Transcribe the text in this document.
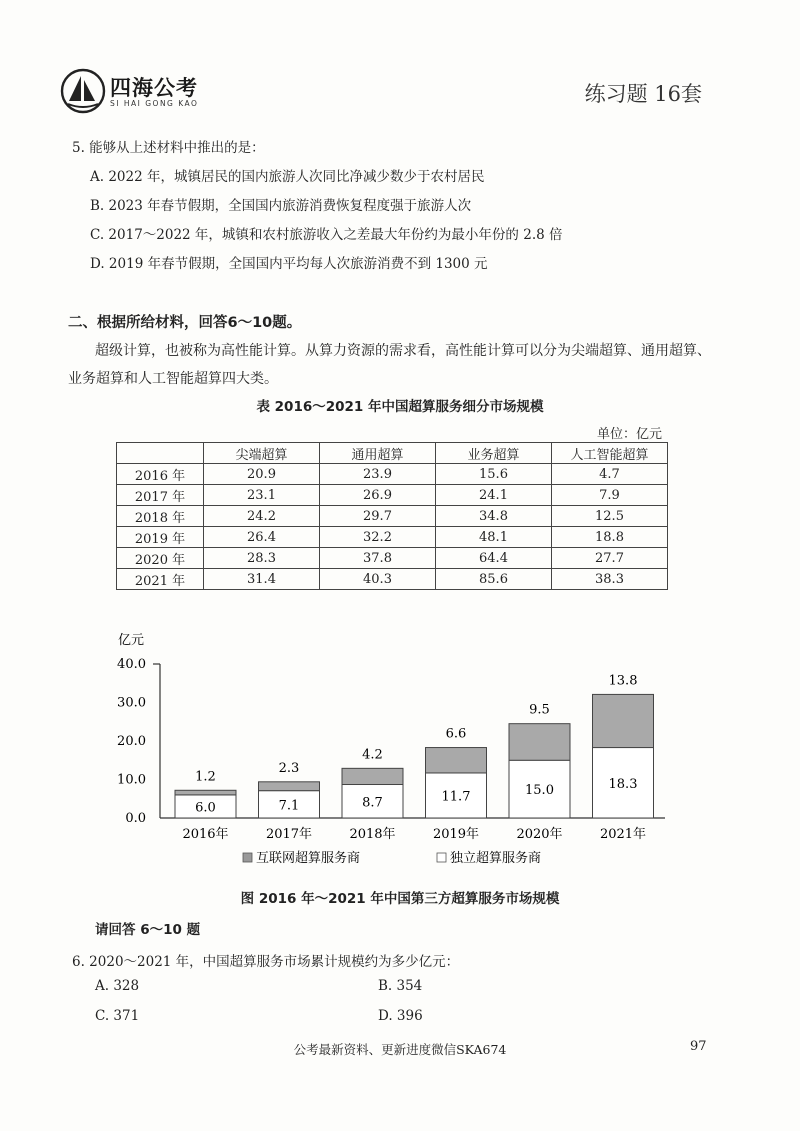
四海公考
SI HAI GONG KAO	练习题 16套
5. 能够从上述材料中推出的是：
A. 2022 年，城镇居民的国内旅游人次同比净减少数少于农村居民
B. 2023 年春节假期，全国国内旅游消费恢复程度强于旅游人次
C. 2017～2022 年，城镇和农村旅游收入之差最大年份约为最小年份的 2.8 倍
D. 2019 年春节假期，全国国内平均每人次旅游消费不到 1300 元
二、根据所给材料，回答6～10题。
超级计算，也被称为高性能计算。从算力资源的需求看，高性能计算可以分为尖端超算、通用超算、
业务超算和人工智能超算四大类。
表 2016～2021 年中国超算服务细分市场规模
单位：亿元
	尖端超算	通用超算	业务超算	人工智能超算
2016 年	20.9	23.9	15.6	4.7
2017 年	23.1	26.9	24.1	7.9
2018 年	24.2	29.7	34.8	12.5
2019 年	26.4	32.2	48.1	18.8
2020 年	28.3	37.8	64.4	27.7
2021 年	31.4	40.3	85.6	38.3
亿元
0.0
10.0
20.0
30.0
40.0
6.0
1.2
7.1
2.3
8.7
4.2
11.7
6.6
15.0
9.5
18.3
13.8
2016年	2017年	2018年	2019年	2020年	2021年
互联网超算服务商	独立超算服务商
图 2016 年～2021 年中国第三方超算服务市场规模
请回答 6～10 题
6. 2020～2021 年，中国超算服务市场累计规模约为多少亿元：
A. 328	B. 354
C. 371	D. 396
公考最新资料、更新进度微信SKA674	97
